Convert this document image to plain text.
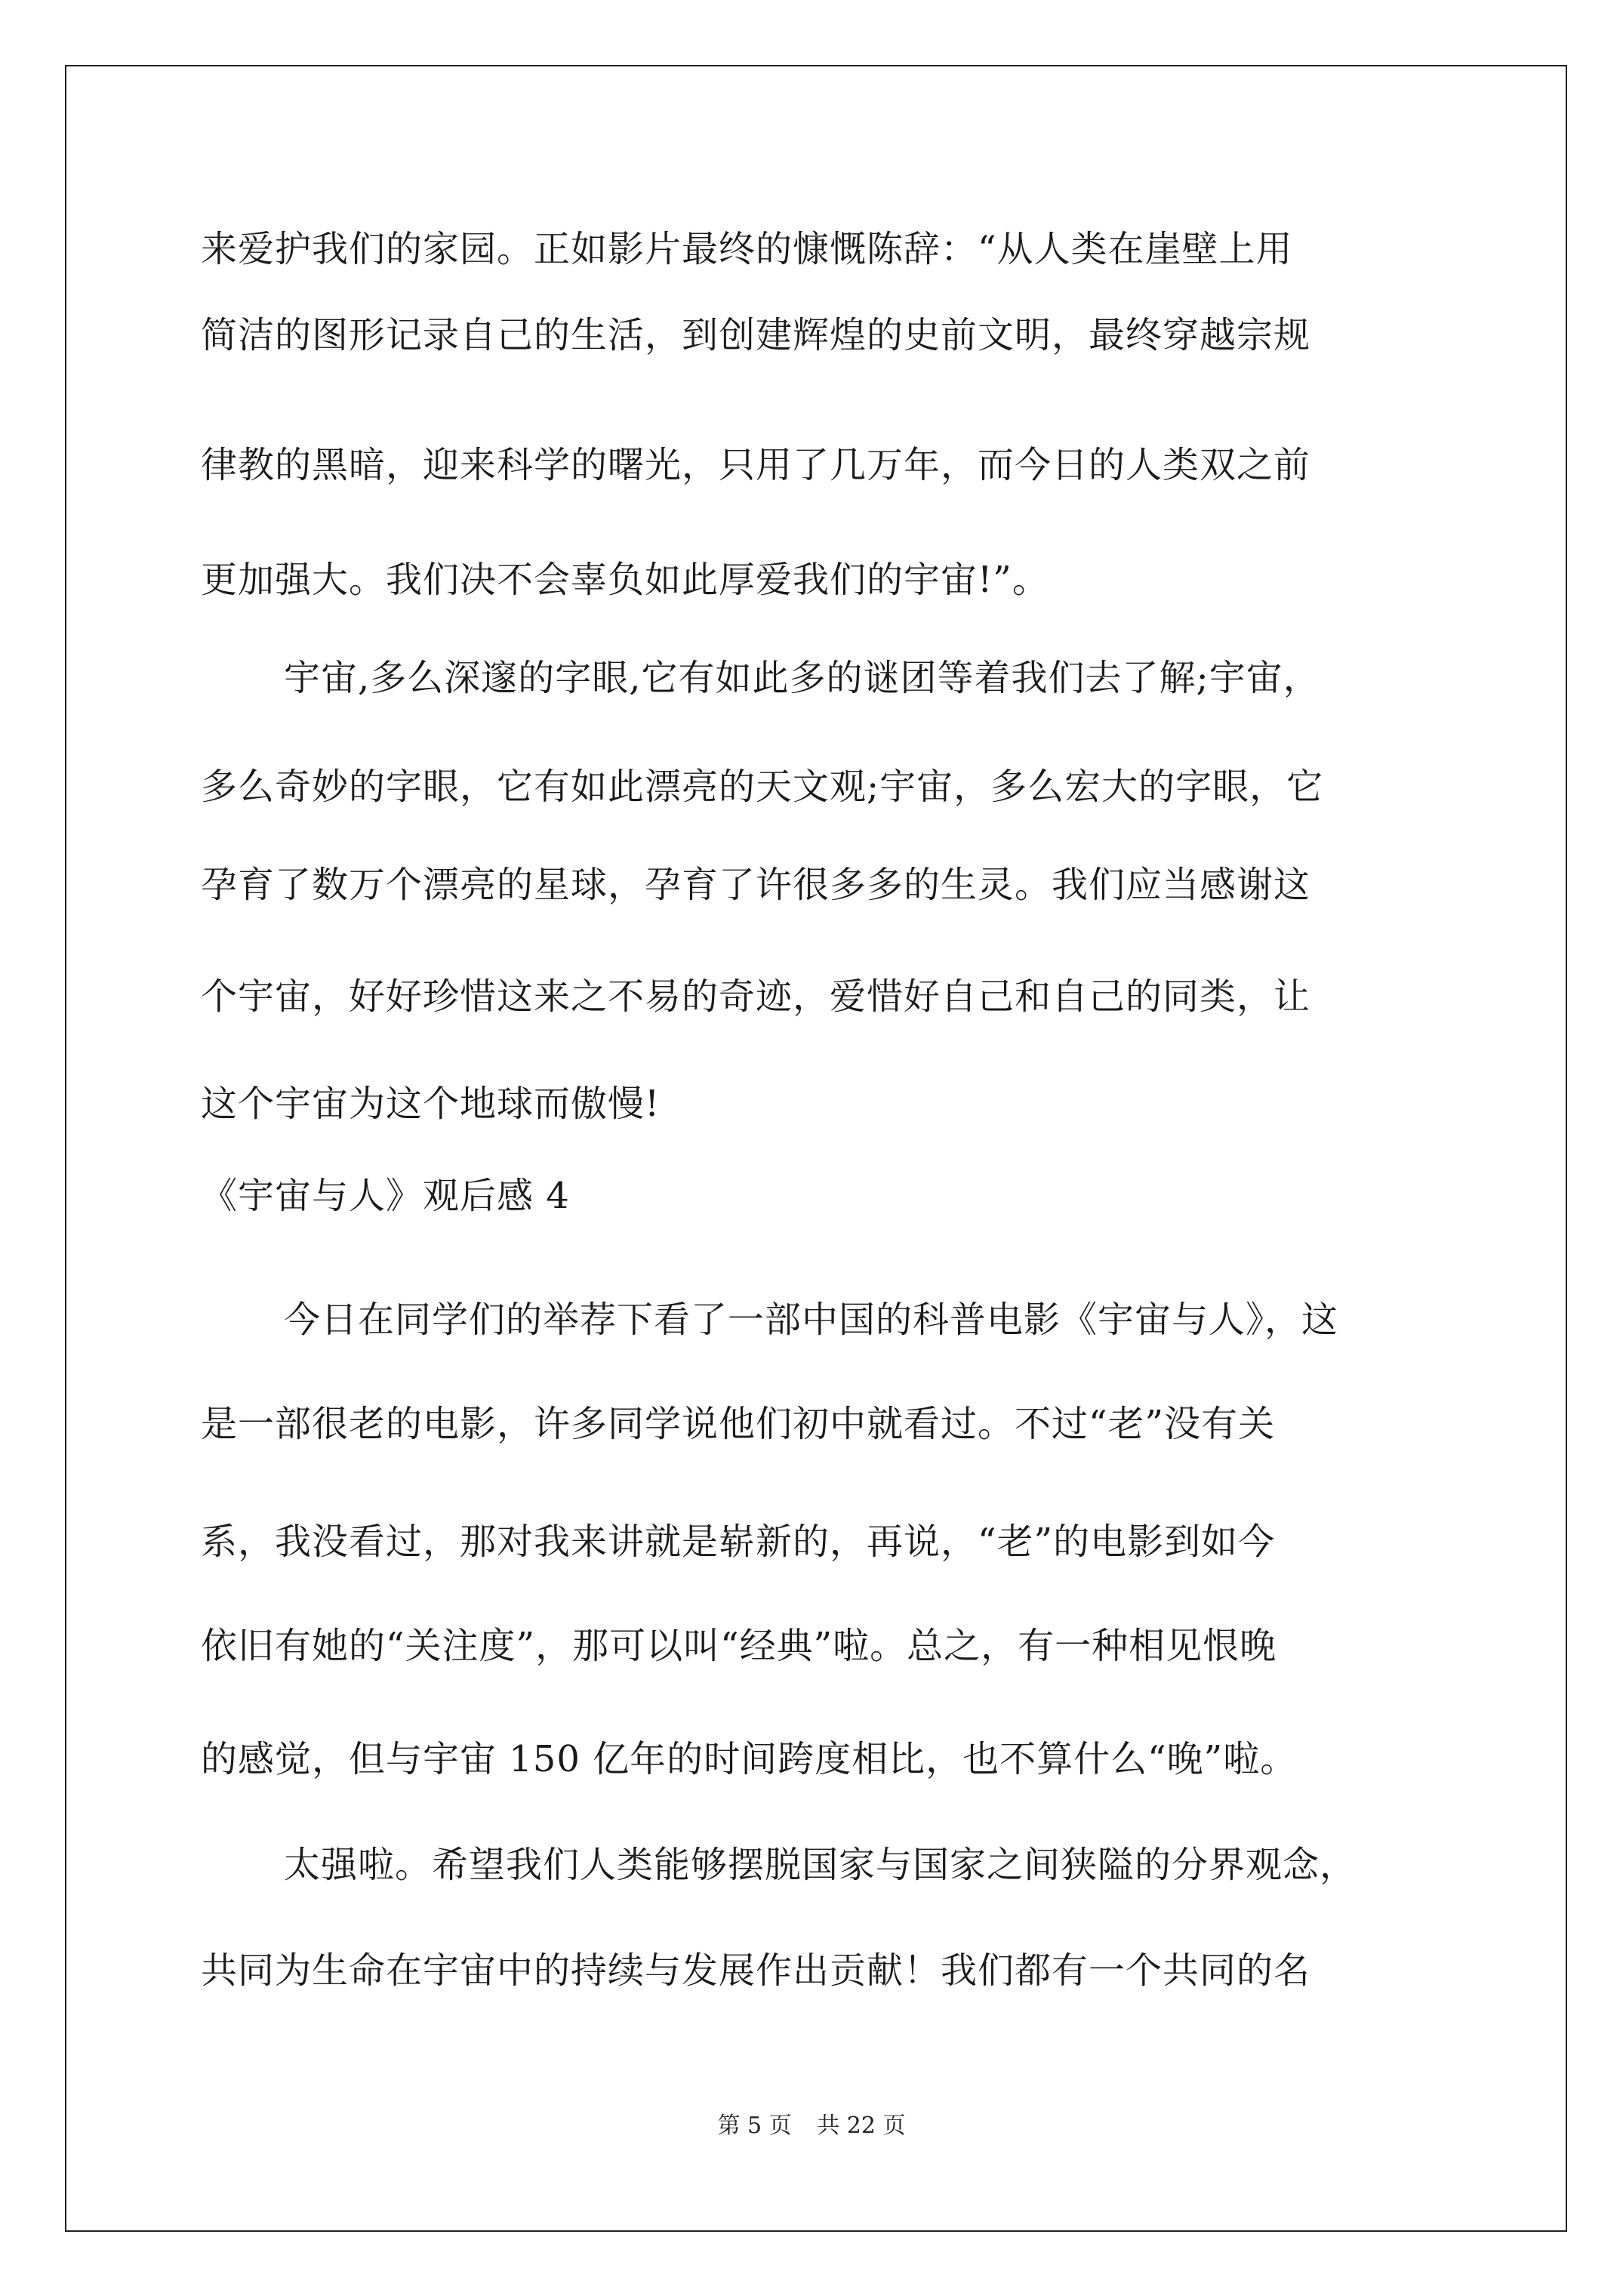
来爱护我们的家园。正如影片最终的慷慨陈辞：“从人类在崖壁上用
简洁的图形记录自己的生活，到创建辉煌的史前文明，最终穿越宗规
律教的黑暗，迎来科学的曙光，只用了几万年，而今日的人类双之前
更加强大。我们决不会辜负如此厚爱我们的宇宙!”。
宇宙,多么深邃的字眼,它有如此多的谜团等着我们去了解;宇宙，
多么奇妙的字眼，它有如此漂亮的天文观;宇宙，多么宏大的字眼，它
孕育了数万个漂亮的星球，孕育了许很多多的生灵。我们应当感谢这
个宇宙，好好珍惜这来之不易的奇迹，爱惜好自己和自己的同类，让
这个宇宙为这个地球而傲慢!
《宇宙与人》观后感 4
今日在同学们的举荐下看了一部中国的科普电影《宇宙与人》，这
是一部很老的电影，许多同学说他们初中就看过。不过“老”没有关
系，我没看过，那对我来讲就是崭新的，再说，“老”的电影到如今
依旧有她的“关注度”，那可以叫“经典”啦。总之，有一种相见恨晚
的感觉，但与宇宙 150 亿年的时间跨度相比，也不算什么“晚”啦。
太强啦。希望我们人类能够摆脱国家与国家之间狭隘的分界观念，
共同为生命在宇宙中的持续与发展作出贡献！我们都有一个共同的名
第 5 页 共 22 页
